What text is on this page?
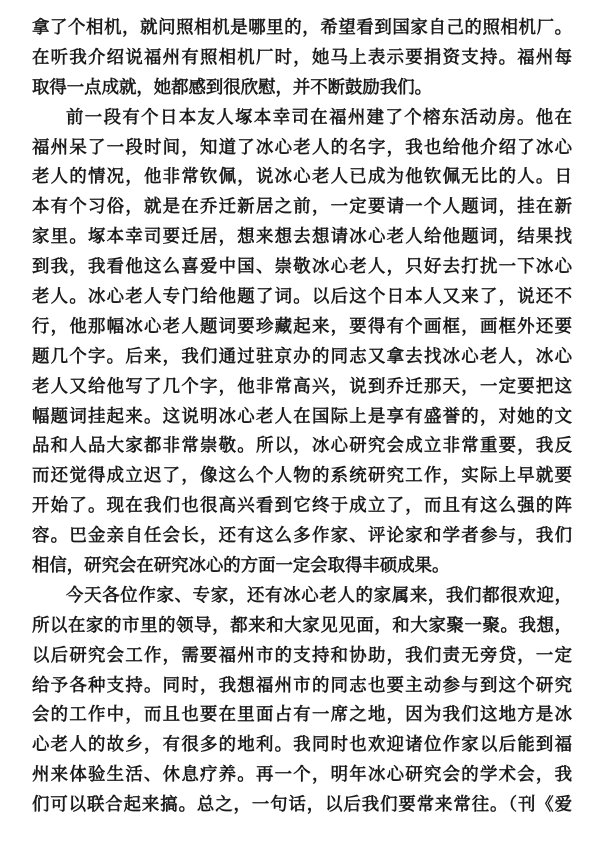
拿了个相机，就问照相机是哪里的，希望看到国家自己的照相机厂。
在听我介绍说福州有照相机厂时，她马上表示要捐资支持。福州每
取得一点成就，她都感到很欣慰，并不断鼓励我们。
前一段有个日本友人塚本幸司在福州建了个榕东活动房。他在
福州呆了一段时间，知道了冰心老人的名字，我也给他介绍了冰心
老人的情况，他非常钦佩，说冰心老人已成为他钦佩无比的人。日
本有个习俗，就是在乔迁新居之前，一定要请一个人题词，挂在新
家里。塚本幸司要迁居，想来想去想请冰心老人给他题词，结果找
到我，我看他这么喜爱中国、崇敬冰心老人，只好去打扰一下冰心
老人。冰心老人专门给他题了词。以后这个日本人又来了，说还不
行，他那幅冰心老人题词要珍藏起来，要得有个画框，画框外还要
题几个字。后来，我们通过驻京办的同志又拿去找冰心老人，冰心
老人又给他写了几个字，他非常高兴，说到乔迁那天，一定要把这
幅题词挂起来。这说明冰心老人在国际上是享有盛誉的，对她的文
品和人品大家都非常崇敬。所以，冰心研究会成立非常重要，我反
而还觉得成立迟了，像这么个人物的系统研究工作，实际上早就要
开始了。现在我们也很高兴看到它终于成立了，而且有这么强的阵
容。巴金亲自任会长，还有这么多作家、评论家和学者参与，我们
相信，研究会在研究冰心的方面一定会取得丰硕成果。
今天各位作家、专家，还有冰心老人的家属来，我们都很欢迎，
所以在家的市里的领导，都来和大家见见面，和大家聚一聚。我想，
以后研究会工作，需要福州市的支持和协助，我们责无旁贷，一定
给予各种支持。同时，我想福州市的同志也要主动参与到这个研究
会的工作中，而且也要在里面占有一席之地，因为我们这地方是冰
心老人的故乡，有很多的地利。我同时也欢迎诸位作家以后能到福
州来体验生活、休息疗养。再一个，明年冰心研究会的学术会，我
们可以联合起来搞。总之，一句话，以后我们要常来常往。（刊《爱
